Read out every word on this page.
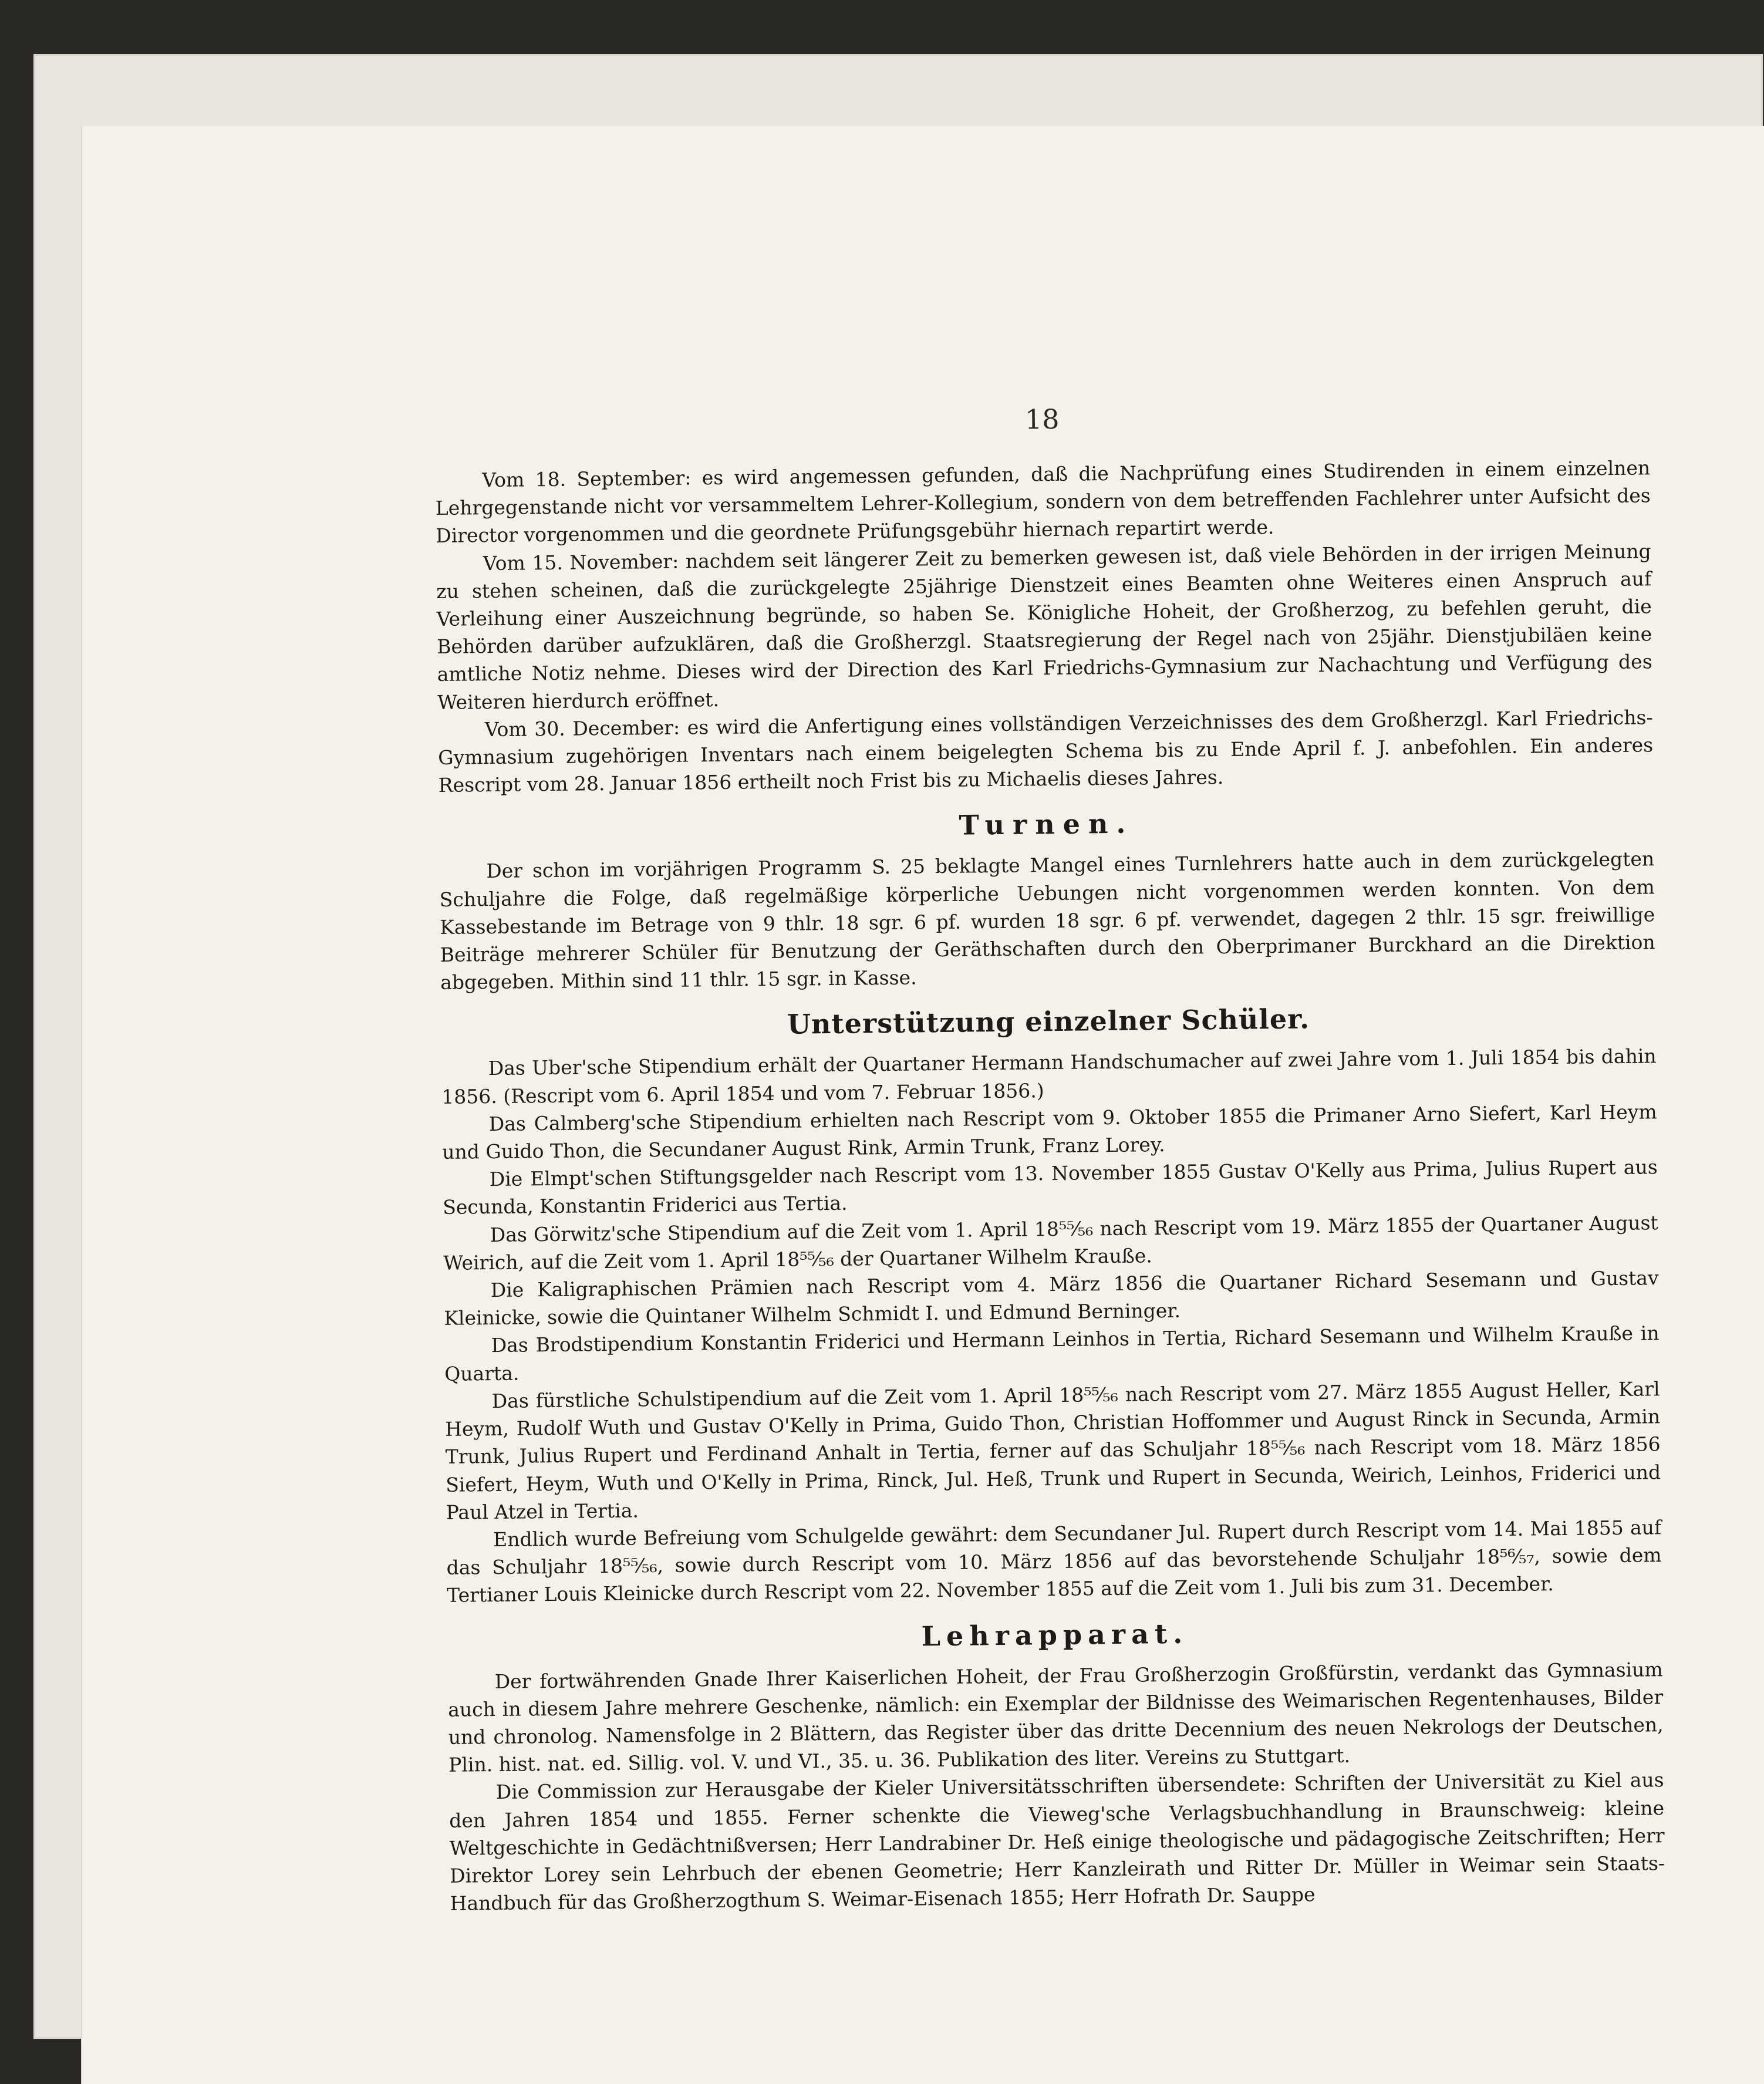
18

Vom 18. September: es wird angemessen gefunden, daß die Nachprüfung eines Studirenden in einem einzelnen Lehrgegenstande nicht vor versammeltem Lehrer-Kollegium, sondern von dem betreffenden Fachlehrer unter Aufsicht des Director vorgenommen und die geordnete Prüfungsgebühr hiernach repartirt werde.

Vom 15. November: nachdem seit längerer Zeit zu bemerken gewesen ist, daß viele Behörden in der irrigen Meinung zu stehen scheinen, daß die zurückgelegte 25jährige Dienstzeit eines Beamten ohne Weiteres einen Anspruch auf Verleihung einer Auszeichnung begründe, so haben Se. Königliche Hoheit, der Großherzog, zu befehlen geruht, die Behörden darüber aufzuklären, daß die Großherzgl. Staatsregierung der Regel nach von 25jähr. Dienstjubiläen keine amtliche Notiz nehme. Dieses wird der Direction des Karl Friedrichs-Gymnasium zur Nachachtung und Verfügung des Weiteren hierdurch eröffnet.

Vom 30. December: es wird die Anfertigung eines vollständigen Verzeichnisses des dem Großherzgl. Karl Friedrichs-Gymnasium zugehörigen Inventars nach einem beigelegten Schema bis zu Ende April f. J. anbefohlen. Ein anderes Rescript vom 28. Januar 1856 ertheilt noch Frist bis zu Michaelis dieses Jahres.

Turnen.

Der schon im vorjährigen Programm S. 25 beklagte Mangel eines Turnlehrers hatte auch in dem zurückgelegten Schuljahre die Folge, daß regelmäßige körperliche Uebungen nicht vorgenommen werden konnten. Von dem Kassebestande im Betrage von 9 thlr. 18 sgr. 6 pf. wurden 18 sgr. 6 pf. verwendet, dagegen 2 thlr. 15 sgr. freiwillige Beiträge mehrerer Schüler für Benutzung der Geräthschaften durch den Oberprimaner Burckhard an die Direktion abgegeben. Mithin sind 11 thlr. 15 sgr. in Kasse.

Unterstützung einzelner Schüler.

Das Uber'sche Stipendium erhält der Quartaner Hermann Handschumacher auf zwei Jahre vom 1. Juli 1854 bis dahin 1856. (Rescript vom 6. April 1854 und vom 7. Februar 1856.)

Das Calmberg'sche Stipendium erhielten nach Rescript vom 9. Oktober 1855 die Primaner Arno Siefert, Karl Heym und Guido Thon, die Secundaner August Rink, Armin Trunk, Franz Lorey.

Die Elmpt'schen Stiftungsgelder nach Rescript vom 13. November 1855 Gustav O'Kelly aus Prima, Julius Rupert aus Secunda, Konstantin Friderici aus Tertia.

Das Görwitz'sche Stipendium auf die Zeit vom 1. April 18⁵⁵⁄₅₆ nach Rescript vom 19. März 1855 der Quartaner August Weirich, auf die Zeit vom 1. April 18⁵⁵⁄₅₆ der Quartaner Wilhelm Krauße.

Die Kaligraphischen Prämien nach Rescript vom 4. März 1856 die Quartaner Richard Sesemann und Gustav Kleinicke, sowie die Quintaner Wilhelm Schmidt I. und Edmund Berninger.

Das Brodstipendium Konstantin Friderici und Hermann Leinhos in Tertia, Richard Sesemann und Wilhelm Krauße in Quarta.

Das fürstliche Schulstipendium auf die Zeit vom 1. April 18⁵⁵⁄₅₆ nach Rescript vom 27. März 1855 August Heller, Karl Heym, Rudolf Wuth und Gustav O'Kelly in Prima, Guido Thon, Christian Hoffommer und August Rinck in Secunda, Armin Trunk, Julius Rupert und Ferdinand Anhalt in Tertia, ferner auf das Schuljahr 18⁵⁵⁄₅₆ nach Rescript vom 18. März 1856 Siefert, Heym, Wuth und O'Kelly in Prima, Rinck, Jul. Heß, Trunk und Rupert in Secunda, Weirich, Leinhos, Friderici und Paul Atzel in Tertia.

Endlich wurde Befreiung vom Schulgelde gewährt: dem Secundaner Jul. Rupert durch Rescript vom 14. Mai 1855 auf das Schuljahr 18⁵⁵⁄₅₆, sowie durch Rescript vom 10. März 1856 auf das bevorstehende Schuljahr 18⁵⁶⁄₅₇, sowie dem Tertianer Louis Kleinicke durch Rescript vom 22. November 1855 auf die Zeit vom 1. Juli bis zum 31. December.

Lehrapparat.

Der fortwährenden Gnade Ihrer Kaiserlichen Hoheit, der Frau Großherzogin Großfürstin, verdankt das Gymnasium auch in diesem Jahre mehrere Geschenke, nämlich: ein Exemplar der Bildnisse des Weimarischen Regentenhauses, Bilder und chronolog. Namensfolge in 2 Blättern, das Register über das dritte Decennium des neuen Nekrologs der Deutschen, Plin. hist. nat. ed. Sillig. vol. V. und VI., 35. u. 36. Publikation des liter. Vereins zu Stuttgart.

Die Commission zur Herausgabe der Kieler Universitätsschriften übersendete: Schriften der Universität zu Kiel aus den Jahren 1854 und 1855. Ferner schenkte die Vieweg'sche Verlagsbuchhandlung in Braunschweig: kleine Weltgeschichte in Gedächtnißversen; Herr Landrabiner Dr. Heß einige theologische und pädagogische Zeitschriften; Herr Direktor Lorey sein Lehrbuch der ebenen Geometrie; Herr Kanzleirath und Ritter Dr. Müller in Weimar sein Staats-Handbuch für das Großherzogthum S. Weimar-Eisenach 1855; Herr Hofrath Dr. Sauppe
